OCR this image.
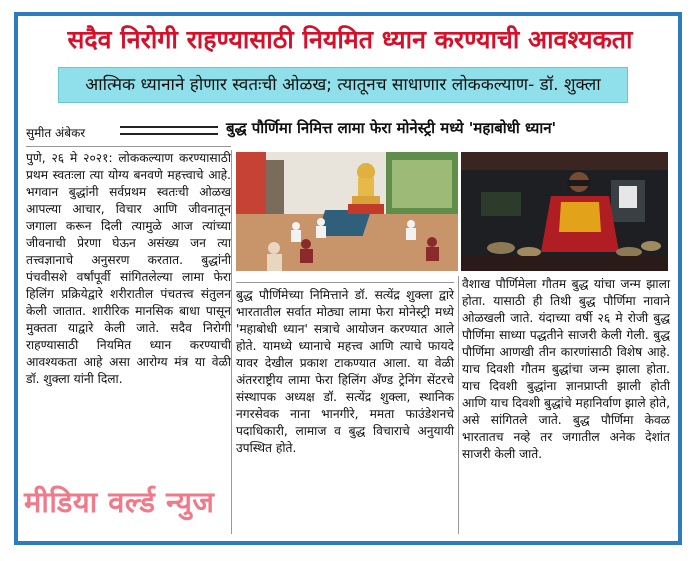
सदैव निरोगी राहण्यासाठी नियमित ध्यान करण्याची आवश्यकता
आत्मिक ध्यानाने होणार स्वतःची ओळख; त्यातूनच साधाणार लोककल्याण- डॉ. शुक्ला
सुमीत अंबेकर	बुद्ध पौर्णिमा निमित्त लामा फेरा मोनेस्ट्री मध्ये 'महाबोधी ध्यान'
पुणे, २६ मे २०२१: लोककल्याण करण्यासाठी प्रथम स्वतःला त्या योग्य बनवणे महत्त्वाचे आहे. भगवान बुद्धांनी सर्वप्रथम स्वतःची ओळख आपल्या आचार, विचार आणि जीवनातून जगाला करून दिली त्यामुळे आज त्यांच्या जीवनाची प्रेरणा घेऊन असंख्य जन त्या तत्त्वज्ञानाचे अनुसरण करतात. बुद्धांनी पंचवीसशे वर्षांपूर्वी सांगितलेल्या लामा फेरा हिलिंग प्रक्रियेद्वारे शरीरातील पंचतत्त्व संतुलन केली जातात. शारीरिक मानसिक बाधा पासून मुक्तता याद्वारे केली जाते. सदैव निरोगी राहण्यासाठी नियमित ध्यान करण्याची आवश्यकता आहे असा आरोग्य मंत्र या वेळी डॉ. शुक्ला यांनी दिला.
बुद्ध पौर्णिमेच्या निमित्ताने डॉ. सत्येंद्र शुक्ला द्वारे भारतातील सर्वात मोठ्या लामा फेरा मोनेस्ट्री मध्ये 'महाबोधी ध्यान' सत्राचे आयोजन करण्यात आले होते. यामध्ये ध्यानाचे महत्त्व आणि त्याचे फायदे यावर देखील प्रकाश टाकण्यात आला. या वेळी अंतरराष्ट्रीय लामा फेरा हिलिंग अँण्ड ट्रेनिंग सेंटरचे संस्थापक अध्यक्ष डॉ. सत्येंद्र शुक्ला, स्थानिक नगरसेवक नाना भानगीरे, ममता फाउंडेशनचे पदाधिकारी, लामाज व बुद्ध विचाराचे अनुयायी उपस्थित होते.
वैशाख पौर्णिमेला गौतम बुद्ध यांचा जन्म झाला होता. यासाठी ही तिथी बुद्ध पौर्णिमा नावाने ओळखली जाते. यंदाच्या वर्षी २६ मे रोजी बुद्ध पौर्णिमा साध्या पद्धतीने साजरी केली गेली. बुद्ध पौर्णिमा आणखी तीन कारणांसाठी विशेष आहे. याच दिवशी गौतम बुद्धांचा जन्म झाला होता. याच दिवशी बुद्धांना ज्ञानप्राप्ती झाली होती आणि याच दिवशी बुद्धांचे महानिर्वाण झाले होते, असे सांगितले जाते. बुद्ध पौर्णिमा केवळ भारतातच नव्हे तर जगातील अनेक देशांत साजरी केली जाते.
मीडिया वर्ल्ड न्युज
